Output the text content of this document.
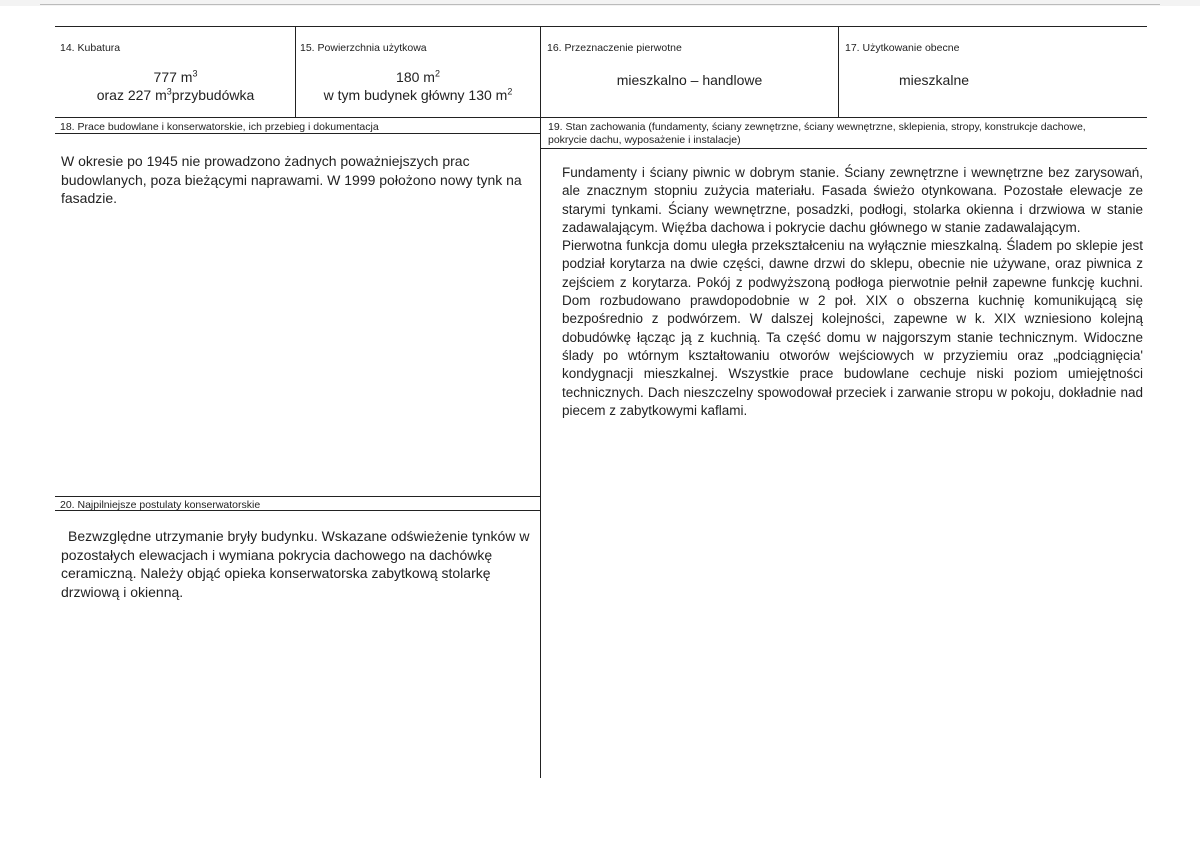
14. Kubatura
777 $m^3$
oraz 227 $m^3przybudówka$
15. Powierzchnia użytkowa
180 $m^2$
w tym budynek główny 130 $m^2$
16. Przeznaczenie pierwotne
mieszkalno – handlowe
17. Użytkowanie obecne
mieszkalne
18. Prace budowlane i konserwatorskie, ich przebieg i dokumentacja
W okresie po 1945 nie prowadzono żadnych poważniejszych prac budowlanych, poza bieżącymi naprawami. W 1999 położono nowy tynk na fasadzie.
19. Stan zachowania (fundamenty, ściany zewnętrzne, ściany wewnętrzne, sklepienia, stropy, konstrukcje dachowe,
pokrycie dachu, wyposażenie i instalacje)
Fundamenty i ściany piwnic w dobrym stanie. Ściany zewnętrzne i wewnętrzne bez zarysowań, ale znacznym stopniu zużycia materiału. Fasada świeżo otynkowana. Pozostałe elewacje ze starymi tynkami. Ściany wewnętrzne, posadzki, podłogi, stolarka okienna i drzwiowa w stanie zadawalającym. Więźba dachowa i pokrycie dachu głównego w stanie zadawalającym.
Pierwotna funkcja domu uległa przekształceniu na wyłącznie mieszkalną. Śladem po sklepie jest podział korytarza na dwie części, dawne drzwi do sklepu, obecnie nie używane, oraz piwnica z zejściem z korytarza. Pokój z podwyższoną podłoga pierwotnie pełnił zapewne funkcję kuchni. Dom rozbudowano prawdopodobnie w 2 poł. XIX o obszerna kuchnię komunikującą się bezpośrednio z podwórzem. W dalszej kolejności, zapewne w k. XIX wzniesiono kolejną dobudówkę łącząc ją z kuchnią. Ta część domu w najgorszym stanie technicznym. Widoczne ślady po wtórnym kształtowaniu otworów wejściowych w przyziemiu oraz „podciągnięcia' kondygnacji mieszkalnej. Wszystkie prace budowlane cechuje niski poziom umiejętności technicznych. Dach nieszczelny spowodował przeciek i zarwanie stropu w pokoju, dokładnie nad piecem z zabytkowymi kaflami.
20. Najpilniejsze postulaty konserwatorskie
Bezwzględne utrzymanie bryły budynku. Wskazane odświeżenie tynków w pozostałych elewacjach i wymiana pokrycia dachowego na dachówkę ceramiczną. Należy objąć opieka konserwatorska zabytkową stolarkę drzwiową i okienną.
